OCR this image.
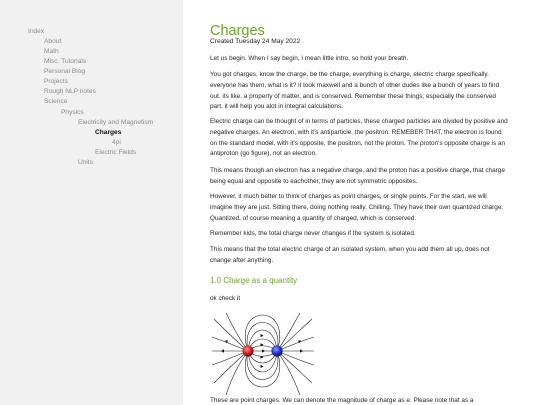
Index
About
Math
Misc. Tutorials
Personal Blog
Projects
Rough NLP notes
Science
Physics
Electricity and Magnetism
Charges
4pi
Electric Fields
Units
Charges
Created Tuesday 24 May 2022

Let us begin. When I say begin, I mean little intro, so hold your breath.

You got charges, know the charge, be the charge, everything is charge, electric charge specifically. everyone has them, what is it? it took maxwell and a bunch of other dudes like a bunch of years to find out. its like. a property of matter, and is conserved. Remember these things, especially the conserved part, it will help you alot in integral calculations.

Electric charge can be thought of in terms of particles, these charged particles are divided by positive and negative charges. An electron, with it's antiparticle, the positron. REMEBER THAT, the electron is found on the standard model, with it's opposite, the positron, not the proton. The proton's opposite charge is an antiproton (go figure), not an electron.

This means though an electron has a negative charge, and the proton has a positive charge, that charge being equal and opposite to eachother, they are not symmetric opposites.

However, it much better to think of charges as point charges, or single points. For the start, we will imagine they are just. Sitting there, doing nothing really. Chilling. They have their own quantized charge. Quantized, of course meaning a quantity of charged, which is conserved.

Remember kids, the total charge never changes if the system is isolated.

This means that the total electric charge of an isolated system, when you add them all up, does not change after anything.

1.0 Charge as a quantity

ok check it

These are point charges. We can denote the magnitude of charge as e. Please note that as a
